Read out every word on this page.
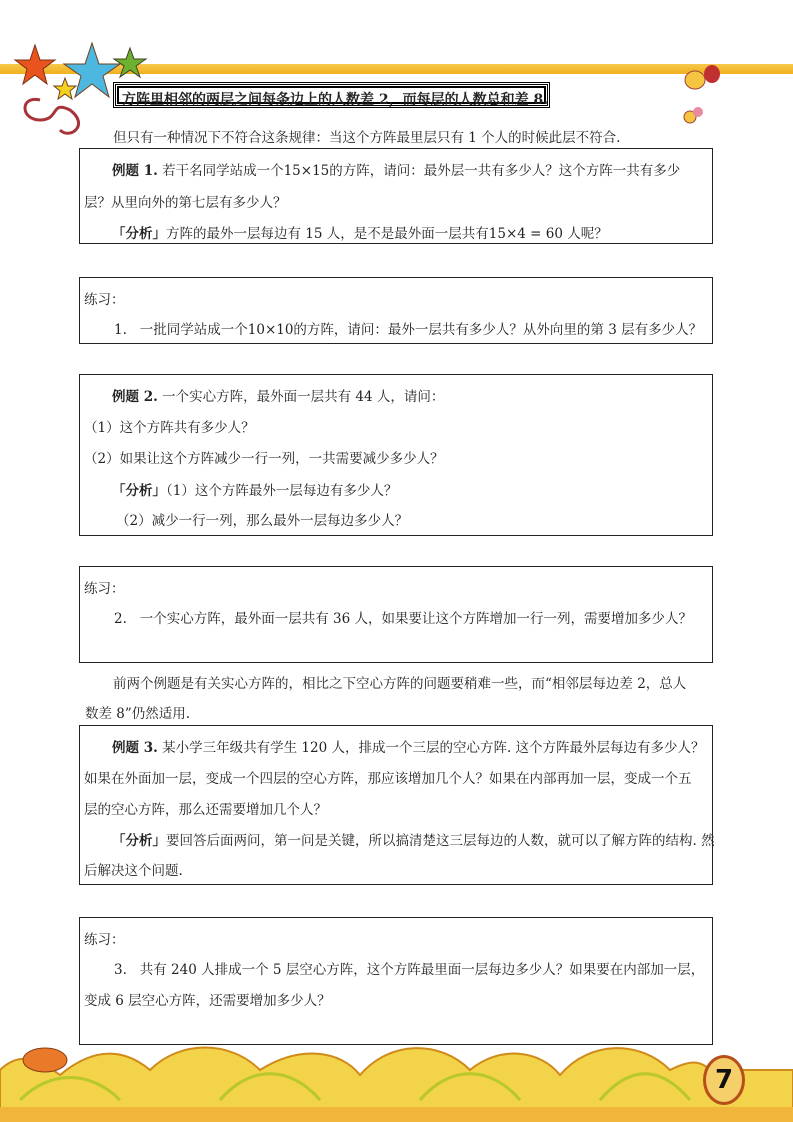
方阵里相邻的两层之间每条边上的人数差 2，而每层的人数总和差 8.
但只有一种情况下不符合这条规律：当这个方阵最里层只有 1 个人的时候此层不符合.
例题 1. 若干名同学站成一个15×15的方阵，请问：最外层一共有多少人？这个方阵一共有多少
层？从里向外的第七层有多少人？
「分析」方阵的最外一层每边有 15 人，是不是最外面一层共有15×4 = 60 人呢？
练习：
1. 一批同学站成一个10×10的方阵，请问：最外一层共有多少人？从外向里的第 3 层有多少人？
例题 2. 一个实心方阵，最外面一层共有 44 人，请问：
（1）这个方阵共有多少人？
（2）如果让这个方阵减少一行一列，一共需要减少多少人？
「分析」（1）这个方阵最外一层每边有多少人？
（2）减少一行一列，那么最外一层每边多少人？
练习：
2. 一个实心方阵，最外面一层共有 36 人，如果要让这个方阵增加一行一列，需要增加多少人？
前两个例题是有关实心方阵的，相比之下空心方阵的问题要稍难一些，而“相邻层每边差 2，总人
数差 8”仍然适用.
例题 3. 某小学三年级共有学生 120 人，排成一个三层的空心方阵. 这个方阵最外层每边有多少人？
如果在外面加一层，变成一个四层的空心方阵，那应该增加几个人？如果在内部再加一层，变成一个五
层的空心方阵，那么还需要增加几个人？
「分析」要回答后面两问，第一问是关键，所以搞清楚这三层每边的人数，就可以了解方阵的结构. 然
后解决这个问题.
练习：
3. 共有 240 人排成一个 5 层空心方阵，这个方阵最里面一层每边多少人？如果要在内部加一层，
变成 6 层空心方阵，还需要增加多少人？
7
